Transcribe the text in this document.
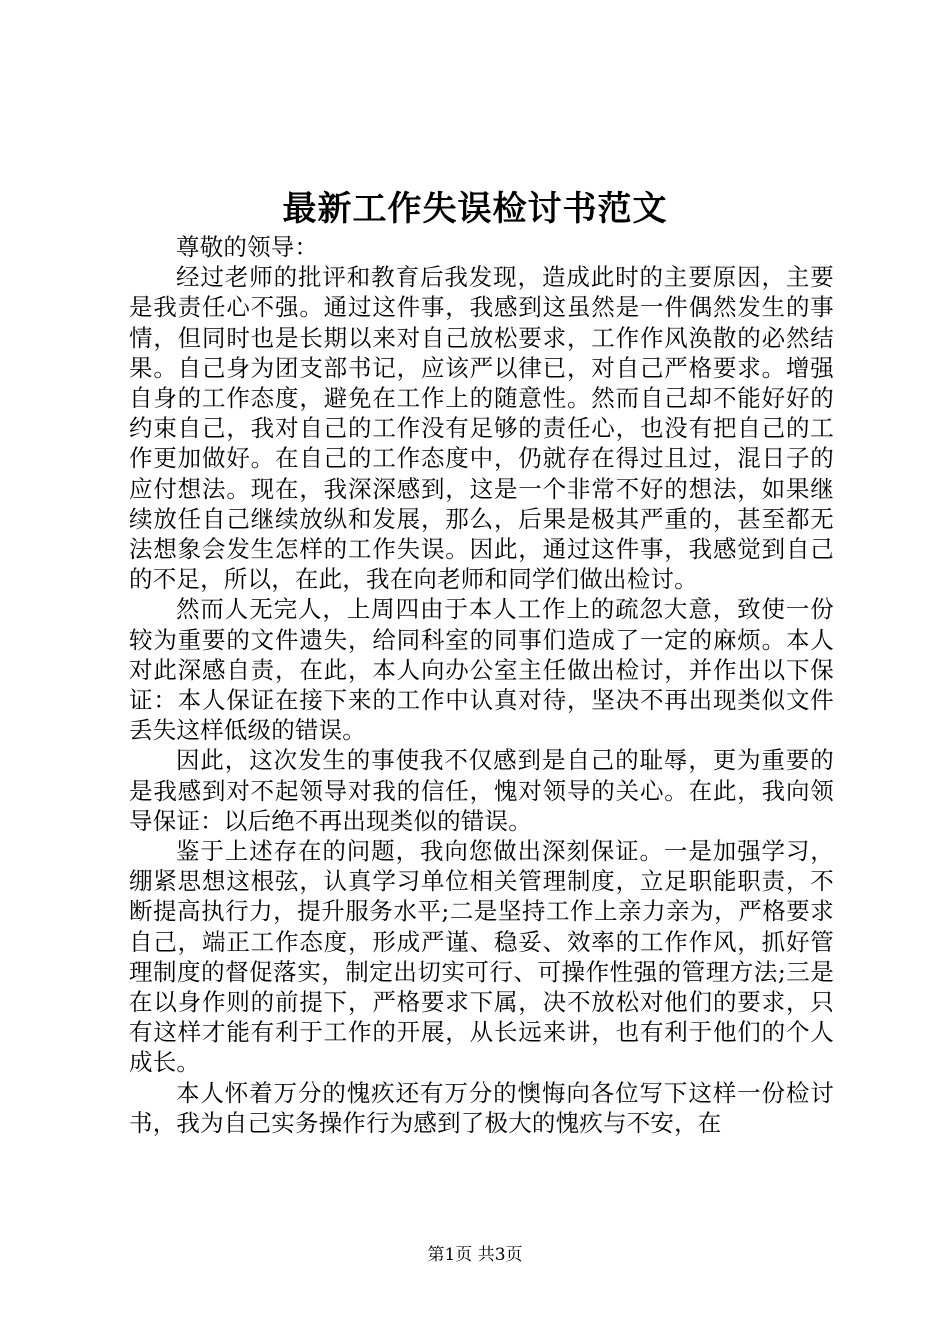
最新工作失误检讨书范文

尊敬的领导：

经过老师的批评和教育后我发现，造成此时的主要原因，主要是我责任心不强。通过这件事，我感到这虽然是一件偶然发生的事情，但同时也是长期以来对自己放松要求，工作作风涣散的必然结果。自己身为团支部书记，应该严以律已，对自己严格要求。增强自身的工作态度，避免在工作上的随意性。然而自己却不能好好的约束自己，我对自己的工作没有足够的责任心，也没有把自己的工作更加做好。在自己的工作态度中，仍就存在得过且过，混日子的应付想法。现在，我深深感到，这是一个非常不好的想法，如果继续放任自己继续放纵和发展，那么，后果是极其严重的，甚至都无法想象会发生怎样的工作失误。因此，通过这件事，我感觉到自己的不足，所以，在此，我在向老师和同学们做出检讨。

然而人无完人，上周四由于本人工作上的疏忽大意，致使一份较为重要的文件遗失，给同科室的同事们造成了一定的麻烦。本人对此深感自责，在此，本人向办公室主任做出检讨，并作出以下保证：本人保证在接下来的工作中认真对待，坚决不再出现类似文件丢失这样低级的错误。

因此，这次发生的事使我不仅感到是自己的耻辱，更为重要的是我感到对不起领导对我的信任，愧对领导的关心。在此，我向领导保证：以后绝不再出现类似的错误。

鉴于上述存在的问题，我向您做出深刻保证。一是加强学习，绷紧思想这根弦，认真学习单位相关管理制度，立足职能职责，不断提高执行力，提升服务水平;二是坚持工作上亲力亲为，严格要求自己，端正工作态度，形成严谨、稳妥、效率的工作作风，抓好管理制度的督促落实，制定出切实可行、可操作性强的管理方法;三是在以身作则的前提下，严格要求下属，决不放松对他们的要求，只有这样才能有利于工作的开展，从长远来讲，也有利于他们的个人成长。

本人怀着万分的愧疚还有万分的懊悔向各位写下这样一份检讨书，我为自己实务操作行为感到了极大的愧疚与不安，在

第1页 共3页
